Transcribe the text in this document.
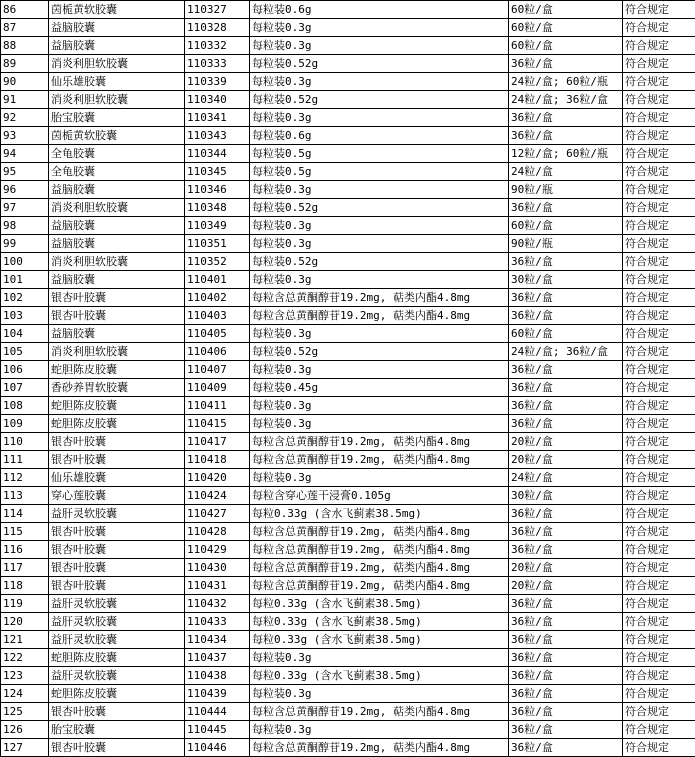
86	茵栀黄软胶囊	110327	每粒装0.6g	60粒/盒	符合规定
87	益脑胶囊	110328	每粒装0.3g	60粒/盒	符合规定
88	益脑胶囊	110332	每粒装0.3g	60粒/盒	符合规定
89	消炎利胆软胶囊	110333	每粒装0.52g	36粒/盒	符合规定
90	仙乐雄胶囊	110339	每粒装0.3g	24粒/盒; 60粒/瓶	符合规定
91	消炎利胆软胶囊	110340	每粒装0.52g	24粒/盒; 36粒/盒	符合规定
92	胎宝胶囊	110341	每粒装0.3g	36粒/盒	符合规定
93	茵栀黄软胶囊	110343	每粒装0.6g	36粒/盒	符合规定
94	全龟胶囊	110344	每粒装0.5g	12粒/盒; 60粒/瓶	符合规定
95	全龟胶囊	110345	每粒装0.5g	24粒/盒	符合规定
96	益脑胶囊	110346	每粒装0.3g	90粒/瓶	符合规定
97	消炎利胆软胶囊	110348	每粒装0.52g	36粒/盒	符合规定
98	益脑胶囊	110349	每粒装0.3g	60粒/盒	符合规定
99	益脑胶囊	110351	每粒装0.3g	90粒/瓶	符合规定
100	消炎利胆软胶囊	110352	每粒装0.52g	36粒/盒	符合规定
101	益脑胶囊	110401	每粒装0.3g	30粒/盒	符合规定
102	银杏叶胶囊	110402	每粒含总黄酮醇苷19.2mg, 萜类内酯4.8mg	36粒/盒	符合规定
103	银杏叶胶囊	110403	每粒含总黄酮醇苷19.2mg, 萜类内酯4.8mg	36粒/盒	符合规定
104	益脑胶囊	110405	每粒装0.3g	60粒/盒	符合规定
105	消炎利胆软胶囊	110406	每粒装0.52g	24粒/盒; 36粒/盒	符合规定
106	蛇胆陈皮胶囊	110407	每粒装0.3g	36粒/盒	符合规定
107	香砂养胃软胶囊	110409	每粒装0.45g	36粒/盒	符合规定
108	蛇胆陈皮胶囊	110411	每粒装0.3g	36粒/盒	符合规定
109	蛇胆陈皮胶囊	110415	每粒装0.3g	36粒/盒	符合规定
110	银杏叶胶囊	110417	每粒含总黄酮醇苷19.2mg, 萜类内酯4.8mg	20粒/盒	符合规定
111	银杏叶胶囊	110418	每粒含总黄酮醇苷19.2mg, 萜类内酯4.8mg	20粒/盒	符合规定
112	仙乐雄胶囊	110420	每粒装0.3g	24粒/盒	符合规定
113	穿心莲胶囊	110424	每粒含穿心莲干浸膏0.105g	30粒/盒	符合规定
114	益肝灵软胶囊	110427	每粒0.33g (含水飞蓟素38.5mg)	36粒/盒	符合规定
115	银杏叶胶囊	110428	每粒含总黄酮醇苷19.2mg, 萜类内酯4.8mg	36粒/盒	符合规定
116	银杏叶胶囊	110429	每粒含总黄酮醇苷19.2mg, 萜类内酯4.8mg	36粒/盒	符合规定
117	银杏叶胶囊	110430	每粒含总黄酮醇苷19.2mg, 萜类内酯4.8mg	20粒/盒	符合规定
118	银杏叶胶囊	110431	每粒含总黄酮醇苷19.2mg, 萜类内酯4.8mg	20粒/盒	符合规定
119	益肝灵软胶囊	110432	每粒0.33g (含水飞蓟素38.5mg)	36粒/盒	符合规定
120	益肝灵软胶囊	110433	每粒0.33g (含水飞蓟素38.5mg)	36粒/盒	符合规定
121	益肝灵软胶囊	110434	每粒0.33g (含水飞蓟素38.5mg)	36粒/盒	符合规定
122	蛇胆陈皮胶囊	110437	每粒装0.3g	36粒/盒	符合规定
123	益肝灵软胶囊	110438	每粒0.33g (含水飞蓟素38.5mg)	36粒/盒	符合规定
124	蛇胆陈皮胶囊	110439	每粒装0.3g	36粒/盒	符合规定
125	银杏叶胶囊	110444	每粒含总黄酮醇苷19.2mg, 萜类内酯4.8mg	36粒/盒	符合规定
126	胎宝胶囊	110445	每粒装0.3g	36粒/盒	符合规定
127	银杏叶胶囊	110446	每粒含总黄酮醇苷19.2mg, 萜类内酯4.8mg	36粒/盒	符合规定
